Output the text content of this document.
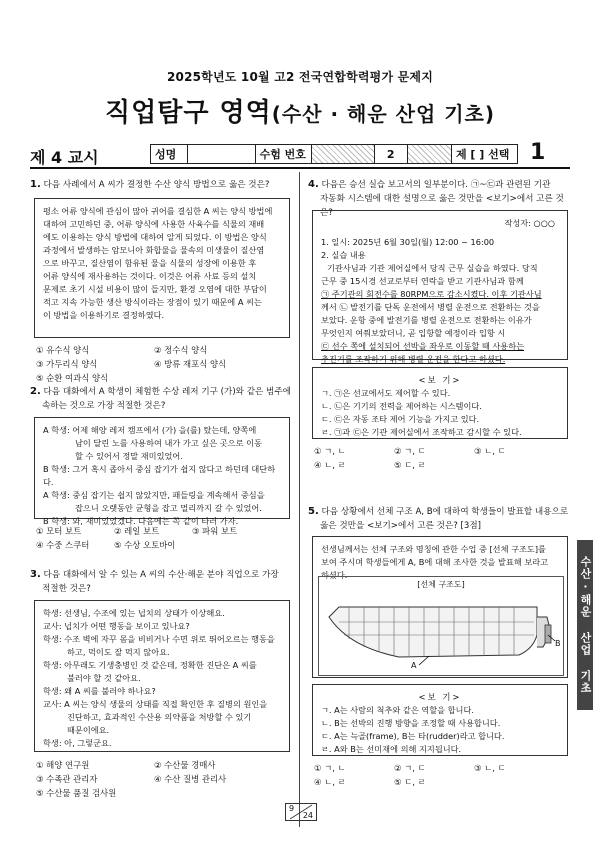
2025학년도 10월 고2 전국연합학력평가 문제지
직업탐구 영역(수산 · 해운 산업 기초)
제 4 교시	성명	수험 번호	2	제 [ ] 선택 1
1. 다음 사례에서 A 씨가 결정한 수산 양식 방법으로 옳은 것은?
평소 어류 양식에 관심이 많아 귀어를 결심한 A 씨는 양식 방법에
대하여 고민하던 중, 어류 양식에 사용한 사육수를 식물의 재배
에도 이용하는 양식 방법에 대하여 알게 되었다. 이 방법은 양식
과정에서 발생하는 암모니아 화합물을 물속의 미생물이 질산염
으로 바꾸고, 질산염이 함유된 물을 식물의 성장에 이용한 후
어류 양식에 재사용하는 것이다. 이것은 어류 사료 등의 설치
문제로 초기 시설 비용이 많이 들지만, 환경 오염에 대한 부담이
적고 지속 가능한 생산 방식이라는 장점이 있기 때문에 A 씨는
이 방법을 이용하기로 결정하였다.
① 유수식 양식	② 정수식 양식
③ 가두리식 양식	④ 방류 재포식 양식
⑤ 순환 여과식 양식
2. 다음 대화에서 A 학생이 체험한 수상 레저 기구 (가)와 같은 범주에
속하는 것으로 가장 적절한 것은?
A 학생: 어제 해양 레저 캠프에서 (가) 을(를) 탔는데, 양쪽에
남이 달린 노를 사용하여 내가 가고 싶은 곳으로 이동
할 수 있어서 정말 재미있었어.
B 학생: 그거 혹시 좁아서 중심 잡기가 쉽지 않다고 하던데 대단하다.
A 학생: 중심 잡기는 쉽지 않았지만, 패들링을 계속해서 중심을
잡으니 오랫동안 균형을 잡고 멀리까지 갈 수 있었어.
B 학생: 와, 재미있었겠다. 다음에는 꼭 같이 타러 가자.
① 모터 보트	② 레일 보트	③ 파워 보트
④ 수중 스쿠터	⑤ 수상 오토바이
3. 다음 대화에서 알 수 있는 A 씨의 수산·해운 분야 직업으로 가장
적절한 것은?
학생: 선생님, 수조에 있는 넙치의 상태가 이상해요.
교사: 넙치가 어떤 행동을 보이고 있나요?
학생: 수조 벽에 자꾸 몸을 비비거나 수면 위로 뛰어오르는 행동을
하고, 먹이도 잘 먹지 않아요.
학생: 아무래도 기생충병인 것 같은데, 정확한 진단은 A 씨를
불러야 할 것 같아요.
학생: 왜 A 씨를 불러야 하나요?
교사: A 씨는 양식 생물의 상태를 직접 확인한 후 질병의 원인을
진단하고, 효과적인 수산용 의약품을 처방할 수 있기
때문이에요.
학생: 아, 그렇군요.
① 해양 연구원	② 수산물 경매사
③ 수족관 관리자	④ 수산 질병 관리사
⑤ 수산물 품질 검사원
4. 다음은 승선 실습 보고서의 일부분이다. ㉠~㉢과 관련된 기관
자동화 시스템에 대한 설명으로 옳은 것만을 <보기>에서 고른 것은?
작성자: ○○○
1. 일시: 2025년 6월 30일(월) 12:00 ~ 16:00
2. 실습 내용
기관사님과 기관 제어실에서 당직 근무 실습을 하였다. 당직
근무 중 15시경 선교로부터 연락을 받고 기관사님과 함께
㉠ 주기관의 회전수를 80RPM으로 감소시켰다. 이후 기관사님
께서 ㉡ 발전기를 단독 운전에서 병렬 운전으로 전환하는 것을
보았다. 운항 중에 발전기를 병렬 운전으로 전환하는 이유가
무엇인지 여쭤보았더니, 곧 입항할 예정이라 입항 시
㉢ 선수 쪽에 설치되어 선박을 좌우로 이동할 때 사용하는
추진기를 조작하기 위해 병렬 운전을 한다고 하셨다.
<보 기>
ㄱ. ㉠은 선교에서도 제어할 수 있다.
ㄴ. ㉡은 기기의 전력을 제어하는 시스템이다.
ㄷ. ㉢은 자동 조타 제어 기능을 가지고 있다.
ㄹ. ㉠과 ㉢은 기관 제어실에서 조작하고 감시할 수 있다.
① ㄱ, ㄴ	② ㄱ, ㄷ	③ ㄴ, ㄷ
④ ㄴ, ㄹ	⑤ ㄷ, ㄹ
5. 다음 상황에서 선체 구조 A, B에 대하여 학생들이 발표할 내용으로
옳은 것만을 <보기>에서 고른 것은? [3점]
선생님께서는 선체 구조와 명칭에 관한 수업 중 [선체 구조도]를
보여 주시며 학생들에게 A, B에 대해 조사한 것을 발표해 보라고
하셨다.
[선체 구조도]
A
B
<보 기>
ㄱ. A는 사람의 척추와 같은 역할을 합니다.
ㄴ. B는 선박의 진행 방향을 조정할 때 사용합니다.
ㄷ. A는 늑골(frame), B는 타(rudder)라고 합니다.
ㄹ. A와 B는 선미재에 의해 지지됩니다.
① ㄱ, ㄴ	② ㄱ, ㄷ	③ ㄴ, ㄷ
④ ㄴ, ㄹ	⑤ ㄷ, ㄹ
수산·해운 산업 기초
9
24
